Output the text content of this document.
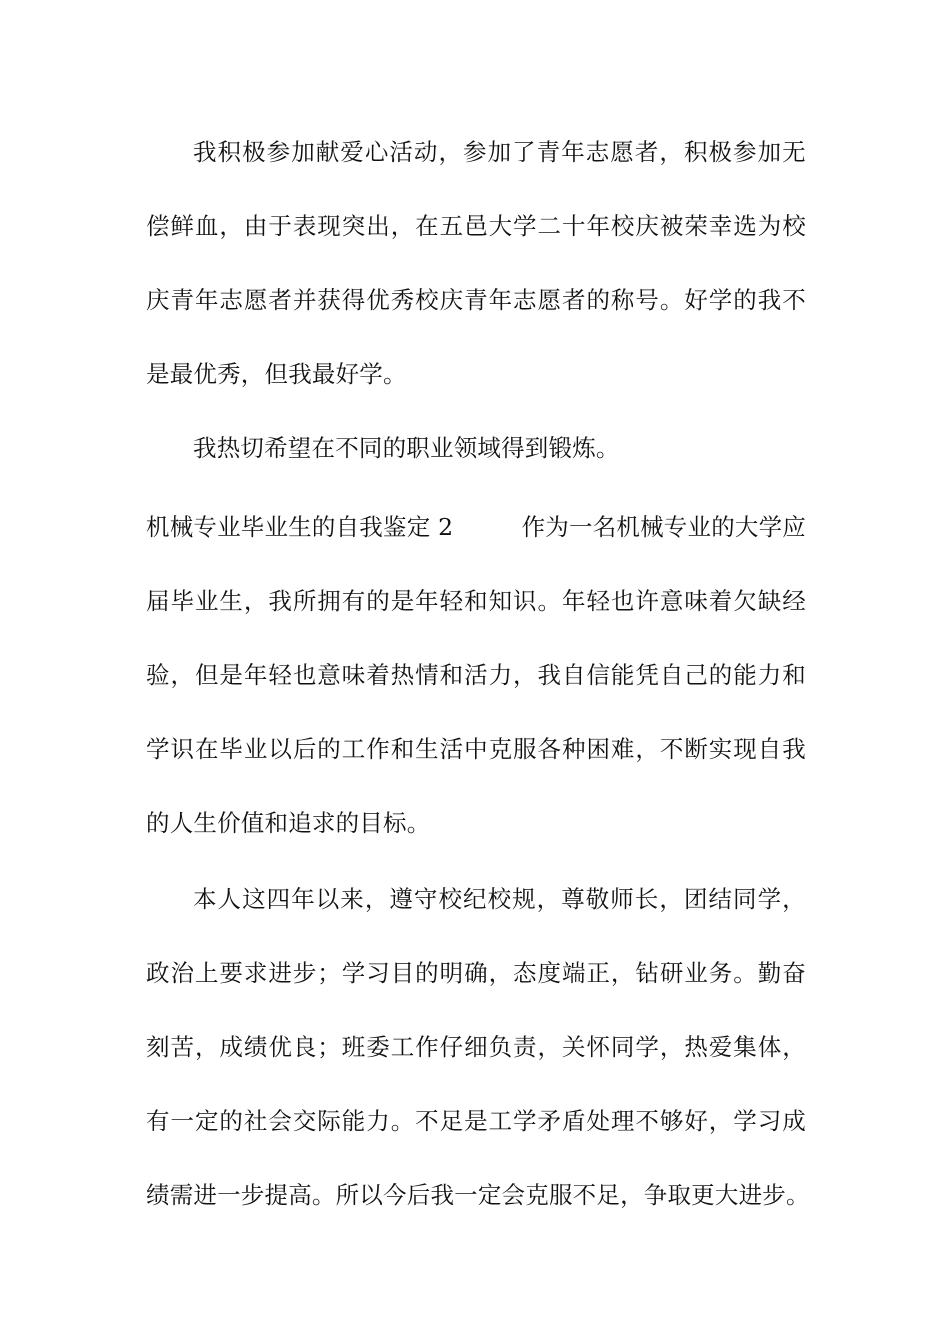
我 积 极 参 加 献 爱 心 活 动 ， 参 加 了 青 年 志 愿 者 ， 积 极 参 加 无
偿 鲜 血 ， 由 于 表 现 突 出 ， 在 五 邑 大 学 二 十 年 校 庆 被 荣 幸 选 为 校
庆 青 年 志 愿 者 并 获 得 优 秀 校 庆 青 年 志 愿 者 的 称 号 。 好 学 的 我 不
是最优秀，但我最好学。
我热切希望在不同的职业领域得到锻炼。
机械专业毕业生的自我鉴定 2	作为一名机械专业的大学应
届 毕 业 生 ， 我 所 拥 有 的 是 年 轻 和 知 识 。 年 轻 也 许 意 味 着 欠 缺 经
验 ， 但 是 年 轻 也 意 味 着 热 情 和 活 力 ， 我 自 信 能 凭 自 己 的 能 力 和
学 识 在 毕 业 以 后 的 工 作 和 生 活 中 克 服 各 种 困 难 ， 不 断 实 现 自 我
的人生价值和追求的目标。
本 人 这 四 年 以 来 ， 遵 守 校 纪 校 规 ， 尊 敬 师 长 ， 团 结 同 学 ，
政 治 上 要 求 进 步 ； 学 习 目 的 明 确 ， 态 度 端 正 ， 钻 研 业 务 。 勤 奋
刻 苦 ， 成 绩 优 良 ； 班 委 工 作 仔 细 负 责 ， 关 怀 同 学 ， 热 爱 集 体 ，
有 一 定 的 社 会 交 际 能 力 。 不 足 是 工 学 矛 盾 处 理 不 够 好 ， 学 习 成
绩 需 进 一 步 提 高 。 所 以 今 后 我 一 定 会 克 服 不 足 ， 争 取 更 大 进 步 。
